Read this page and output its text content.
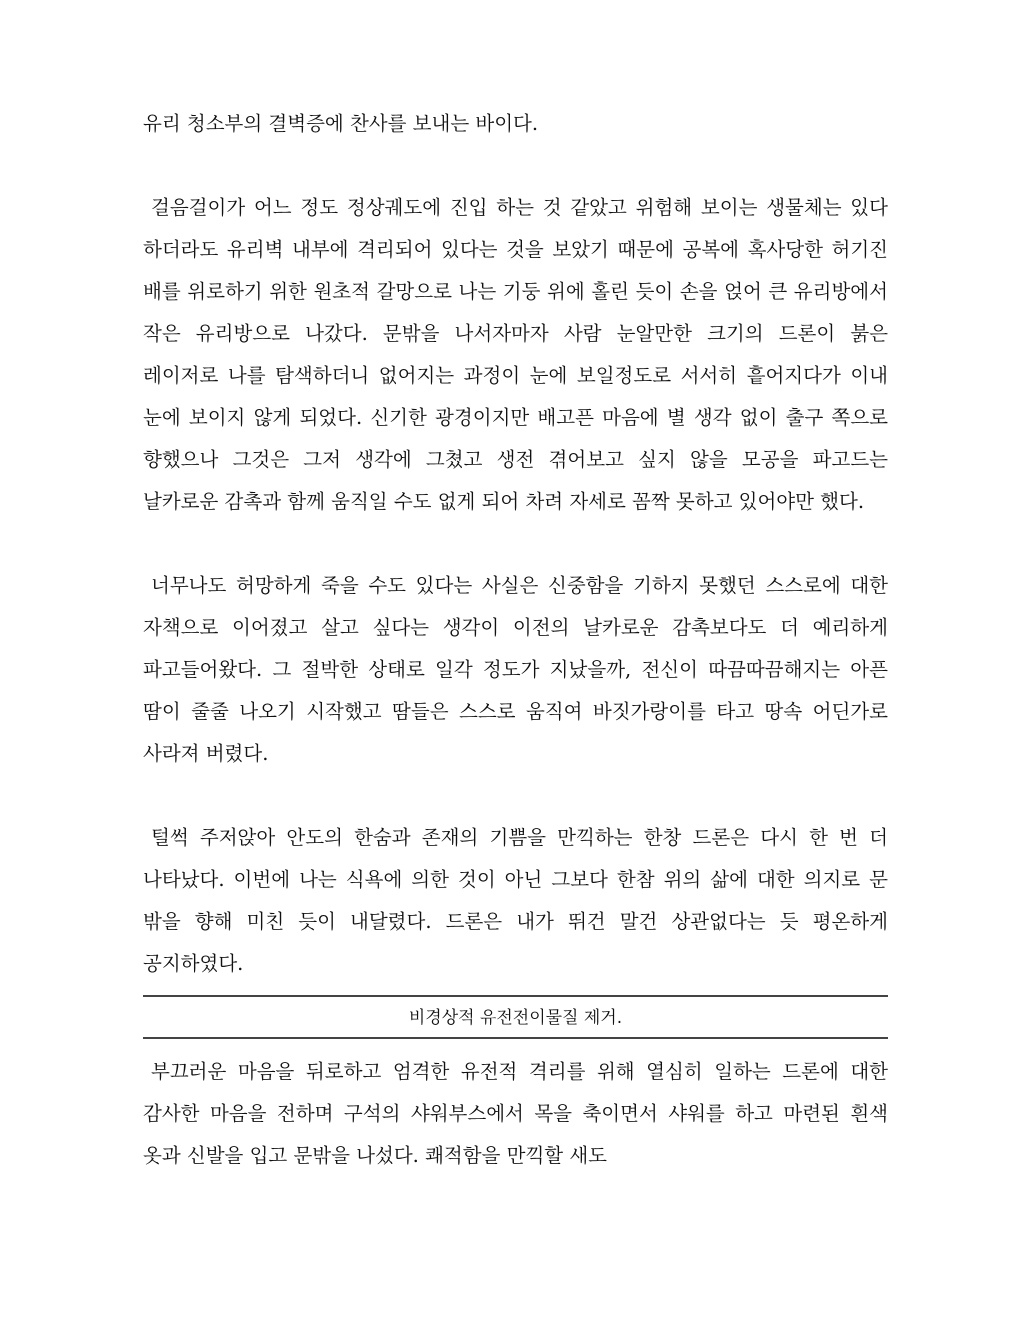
유리 청소부의 결벽증에 찬사를 보내는 바이다.

걸음걸이가 어느 정도 정상궤도에 진입 하는 것 같았고 위험해 보이는 생물체는 있다 하더라도 유리벽 내부에 격리되어 있다는 것을 보았기 때문에 공복에 혹사당한 허기진 배를 위로하기 위한 원초적 갈망으로 나는 기둥 위에 홀린 듯이 손을 얹어 큰 유리방에서 작은 유리방으로 나갔다. 문밖을 나서자마자 사람 눈알만한 크기의 드론이 붉은 레이저로 나를 탐색하더니 없어지는 과정이 눈에 보일정도로 서서히 흩어지다가 이내 눈에 보이지 않게 되었다. 신기한 광경이지만 배고픈 마음에 별 생각 없이 출구 쪽으로 향했으나 그것은 그저 생각에 그쳤고 생전 겪어보고 싶지 않을 모공을 파고드는 날카로운 감촉과 함께 움직일 수도 없게 되어 차려 자세로 꼼짝 못하고 있어야만 했다.

너무나도 허망하게 죽을 수도 있다는 사실은 신중함을 기하지 못했던 스스로에 대한 자책으로 이어졌고 살고 싶다는 생각이 이전의 날카로운 감촉보다도 더 예리하게 파고들어왔다. 그 절박한 상태로 일각 정도가 지났을까, 전신이 따끔따끔해지는 아픈 땀이 줄줄 나오기 시작했고 땀들은 스스로 움직여 바짓가랑이를 타고 땅속 어딘가로 사라져 버렸다.

털썩 주저앉아 안도의 한숨과 존재의 기쁨을 만끽하는 한창 드론은 다시 한 번 더 나타났다. 이번에 나는 식욕에 의한 것이 아닌 그보다 한참 위의 삶에 대한 의지로 문 밖을 향해 미친 듯이 내달렸다. 드론은 내가 뛰건 말건 상관없다는 듯 평온하게 공지하였다.

비경상적 유전전이물질 제거.

부끄러운 마음을 뒤로하고 엄격한 유전적 격리를 위해 열심히 일하는 드론에 대한 감사한 마음을 전하며 구석의 샤워부스에서 목을 축이면서 샤워를 하고 마련된 흰색 옷과 신발을 입고 문밖을 나섰다. 쾌적함을 만끽할 새도
